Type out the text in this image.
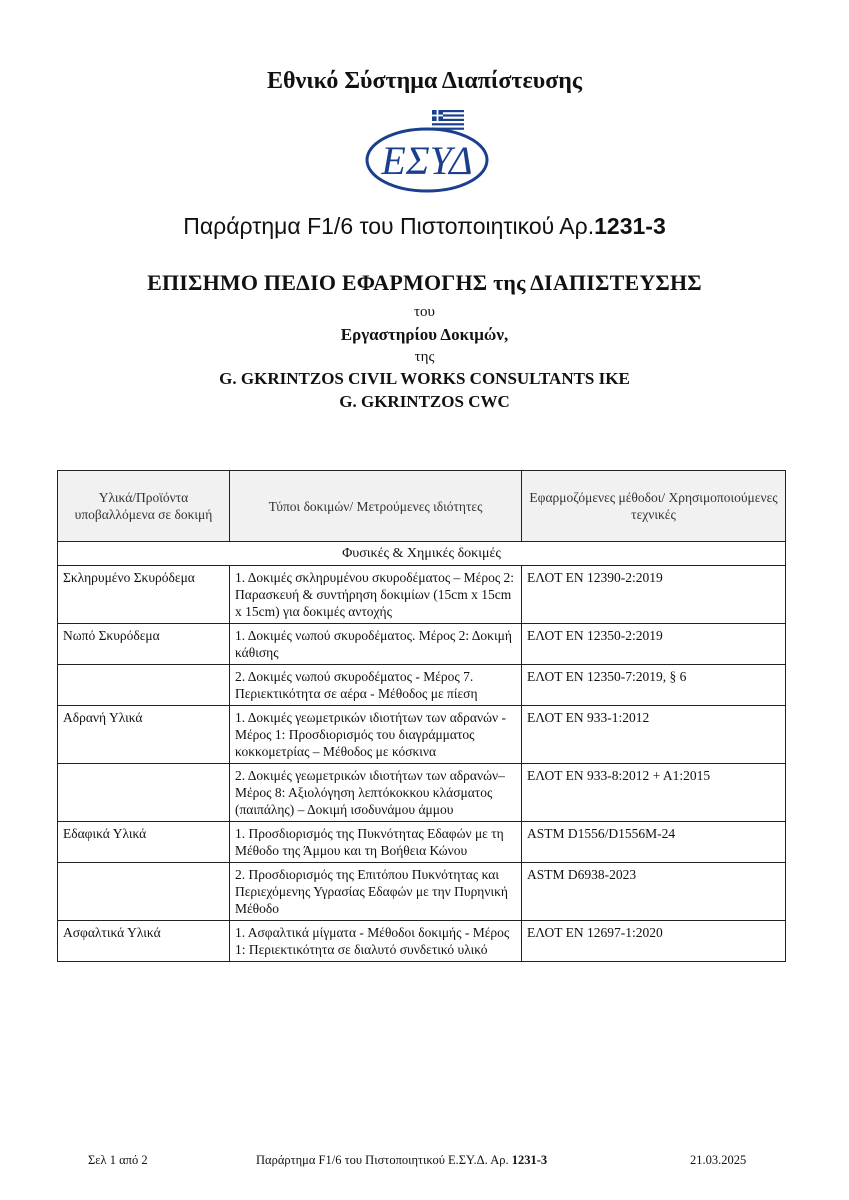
Εθνικό Σύστημα Διαπίστευσης
ΕΣΥΔ
Παράρτημα F1/6 του Πιστοποιητικού Αρ.1231-3
ΕΠΙΣΗΜΟ ΠΕΔΙΟ ΕΦΑΡΜΟΓΗΣ της ΔΙΑΠΙΣΤΕΥΣΗΣ
του
Εργαστηρίου Δοκιμών,
της
G. GKRINTZOS CIVIL WORKS CONSULTANTS IKE
G. GKRINTZOS CWC
Υλικά/Προϊόντα υποβαλλόμενα σε δοκιμή	Τύποι δοκιμών/ Μετρούμενες ιδιότητες	Εφαρμοζόμενες μέθοδοι/ Χρησιμοποιούμενες τεχνικές
Φυσικές & Χημικές δοκιμές		
Σκληρυμένο Σκυρόδεμα	1. Δοκιμές σκληρυμένου σκυροδέματος – Μέρος 2: Παρασκευή & συντήρηση δοκιμίων (15cm x 15cm x 15cm) για δοκιμές αντοχής	ΕΛΟΤ ΕΝ 12390-2:2019
Νωπό Σκυρόδεμα	1. Δοκιμές νωπού σκυροδέματος. Μέρος 2: Δοκιμή κάθισης	ΕΛΟΤ ΕΝ 12350-2:2019
	2. Δοκιμές νωπού σκυροδέματος - Μέρος 7. Περιεκτικότητα σε αέρα - Μέθοδος με πίεση	ΕΛΟΤ ΕΝ 12350-7:2019, § 6
Αδρανή Υλικά	1. Δοκιμές γεωμετρικών ιδιοτήτων των αδρανών - Μέρος 1: Προσδιορισμός του διαγράμματος κοκκομετρίας – Μέθοδος με κόσκινα	ΕΛΟΤ ΕΝ 933-1:2012
	2. Δοκιμές γεωμετρικών ιδιοτήτων των αδρανών– Μέρος 8: Αξιολόγηση λεπτόκοκκου κλάσματος (παιπάλης) – Δοκιμή ισοδυνάμου άμμου	ΕΛΟΤ ΕΝ 933-8:2012 + Α1:2015
Εδαφικά Υλικά	1. Προσδιορισμός της Πυκνότητας Εδαφών με τη Μέθοδο της Άμμου και τη Βοήθεια Κώνου	ASTM D1556/D1556M-24
	2. Προσδιορισμός της Επιτόπου Πυκνότητας και Περιεχόμενης Υγρασίας Εδαφών με την Πυρηνική Μέθοδο	ASTM D6938-2023
Ασφαλτικά Υλικά	1. Ασφαλτικά μίγματα - Μέθοδοι δοκιμής - Μέρος 1: Περιεκτικότητα σε διαλυτό συνδετικό υλικό	ΕΛΟΤ ΕΝ 12697-1:2020
Σελ 1 από 2	Παράρτημα F1/6 του Πιστοποιητικού Ε.ΣΥ.Δ. Αρ. 1231-3	21.03.2025
